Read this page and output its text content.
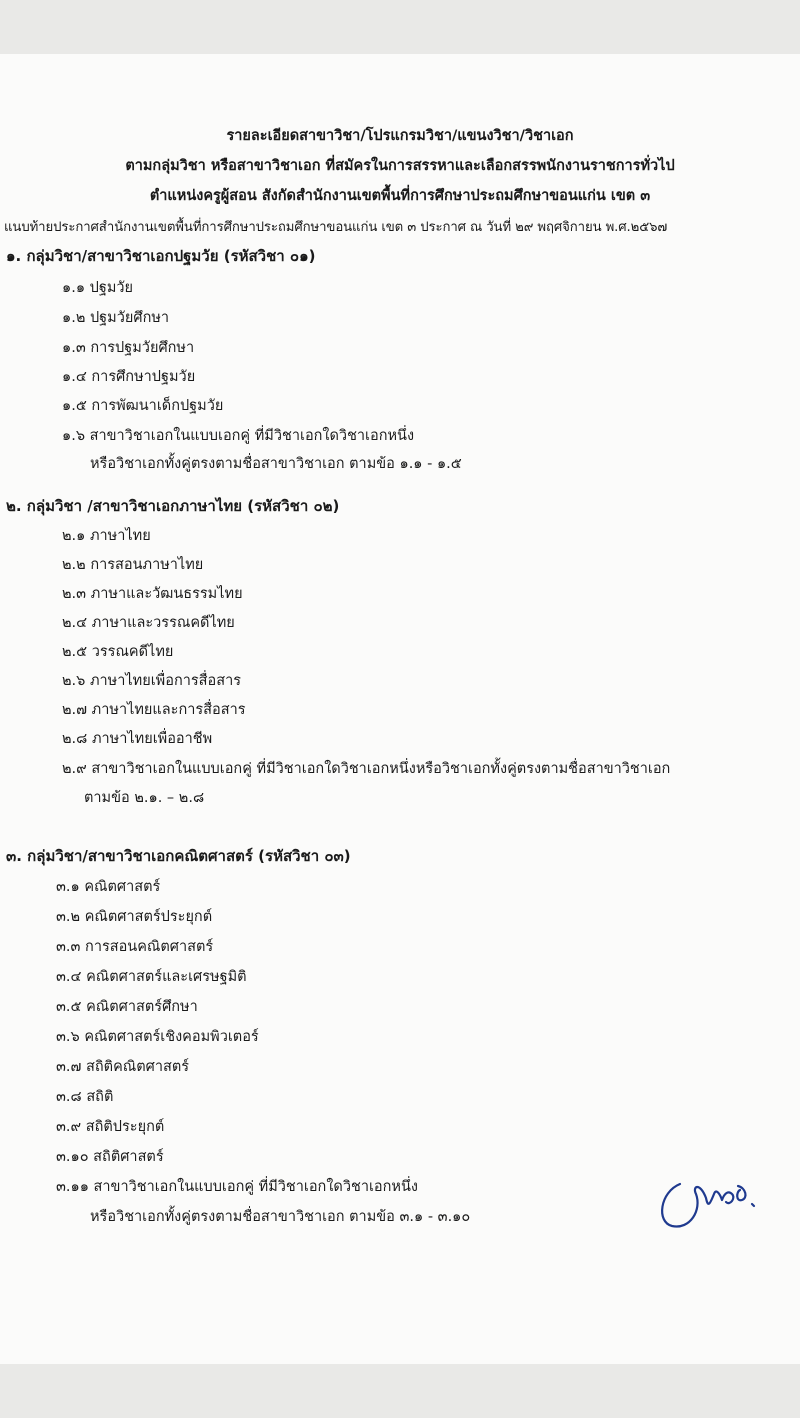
รายละเอียดสาขาวิชา/โปรแกรมวิชา/แขนงวิชา/วิชาเอก
ตามกลุ่มวิชา หรือสาขาวิชาเอก ที่สมัครในการสรรหาและเลือกสรรพนักงานราชการทั่วไป
ตำแหน่งครูผู้สอน สังกัดสำนักงานเขตพื้นที่การศึกษาประถมศึกษาขอนแก่น เขต ๓
แนบท้ายประกาศสำนักงานเขตพื้นที่การศึกษาประถมศึกษาขอนแก่น เขต ๓ ประกาศ ณ วันที่ ๒๙ พฤศจิกายน พ.ศ.๒๕๖๗
๑. กลุ่มวิชา/สาขาวิชาเอกปฐมวัย (รหัสวิชา ๐๑)
๑.๑ ปฐมวัย
๑.๒ ปฐมวัยศึกษา
๑.๓ การปฐมวัยศึกษา
๑.๔ การศึกษาปฐมวัย
๑.๕ การพัฒนาเด็กปฐมวัย
๑.๖ สาขาวิชาเอกในแบบเอกคู่ ที่มีวิชาเอกใดวิชาเอกหนึ่ง
หรือวิชาเอกทั้งคู่ตรงตามชื่อสาขาวิชาเอก ตามข้อ ๑.๑ - ๑.๕
๒. กลุ่มวิชา /สาขาวิชาเอกภาษาไทย (รหัสวิชา ๐๒)
๒.๑ ภาษาไทย
๒.๒ การสอนภาษาไทย
๒.๓ ภาษาและวัฒนธรรมไทย
๒.๔ ภาษาและวรรณคดีไทย
๒.๕ วรรณคดีไทย
๒.๖ ภาษาไทยเพื่อการสื่อสาร
๒.๗ ภาษาไทยและการสื่อสาร
๒.๘ ภาษาไทยเพื่ออาชีพ
๒.๙ สาขาวิชาเอกในแบบเอกคู่ ที่มีวิชาเอกใดวิชาเอกหนึ่งหรือวิชาเอกทั้งคู่ตรงตามชื่อสาขาวิชาเอก
ตามข้อ ๒.๑. – ๒.๘
๓. กลุ่มวิชา/สาขาวิชาเอกคณิตศาสตร์ (รหัสวิชา ๐๓)
๓.๑ คณิตศาสตร์
๓.๒ คณิตศาสตร์ประยุกต์
๓.๓ การสอนคณิตศาสตร์
๓.๔ คณิตศาสตร์และเศรษฐมิติ
๓.๕ คณิตศาสตร์ศึกษา
๓.๖ คณิตศาสตร์เชิงคอมพิวเตอร์
๓.๗ สถิติคณิตศาสตร์
๓.๘ สถิติ
๓.๙ สถิติประยุกต์
๓.๑๐ สถิติศาสตร์
๓.๑๑ สาขาวิชาเอกในแบบเอกคู่ ที่มีวิชาเอกใดวิชาเอกหนึ่ง
หรือวิชาเอกทั้งคู่ตรงตามชื่อสาขาวิชาเอก ตามข้อ ๓.๑ - ๓.๑๐
